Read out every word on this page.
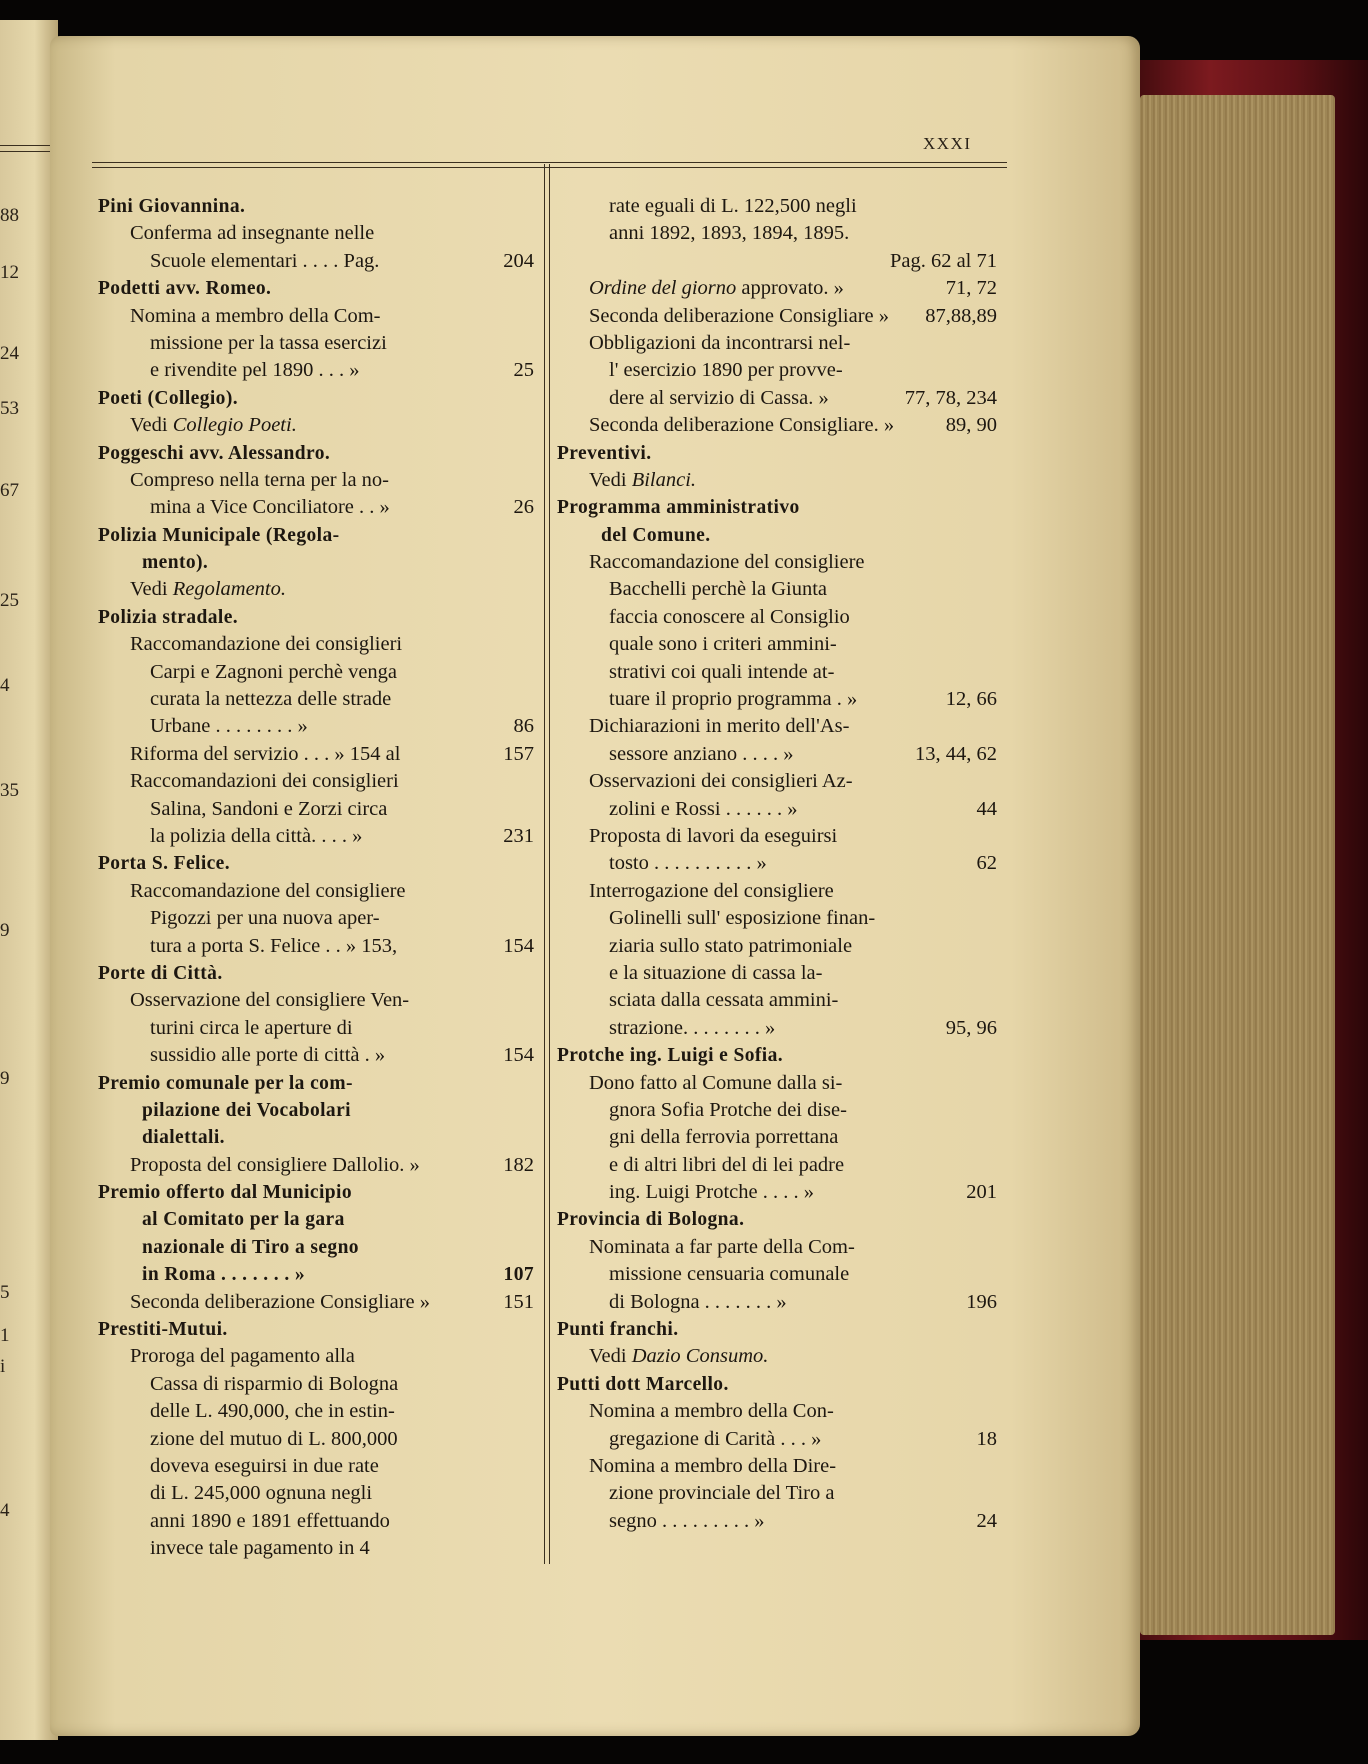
88
12
24
53
67
25
4
35
9
9
5
1
i
4
XXXI
Pini Giovannina.
Conferma ad insegnante nelle
Scuole elementari . . . . Pag.	204
Podetti avv. Romeo.
Nomina a membro della Com-
missione per la tassa esercizi
e rivendite pel 1890 . . . »	25
Poeti (Collegio).
Vedi Collegio Poeti.
Poggeschi avv. Alessandro.
Compreso nella terna per la no-
mina a Vice Conciliatore . . »	26
Polizia Municipale (Regola-
mento).
Vedi Regolamento.
Polizia stradale.
Raccomandazione dei consiglieri
Carpi e Zagnoni perchè venga
curata la nettezza delle strade
Urbane . . . . . . . . »	86
Riforma del servizio . . . » 154 al	157
Raccomandazioni dei consiglieri
Salina, Sandoni e Zorzi circa
la polizia della città. . . . »	231
Porta S. Felice.
Raccomandazione del consigliere
Pigozzi per una nuova aper-
tura a porta S. Felice . . » 153,	154
Porte di Città.
Osservazione del consigliere Ven-
turini circa le aperture di
sussidio alle porte di città . »	154
Premio comunale per la com-
pilazione dei Vocabolari
dialettali.
Proposta del consigliere Dallolio. »	182
Premio offerto dal Municipio
al Comitato per la gara
nazionale di Tiro a segno
in Roma . . . . . . . »	107
Seconda deliberazione Consigliare »	151
Prestiti-Mutui.
Proroga del pagamento alla
Cassa di risparmio di Bologna
delle L. 490,000, che in estin-
zione del mutuo di L. 800,000
doveva eseguirsi in due rate
di L. 245,000 ognuna negli
anni 1890 e 1891 effettuando
invece tale pagamento in 4
rate eguali di L. 122,500 negli
anni 1892, 1893, 1894, 1895.
Pag. 62 al 71
Ordine del giorno approvato. »	71, 72
Seconda deliberazione Consigliare »	87,88,89
Obbligazioni da incontrarsi nel-
l' esercizio 1890 per provve-
dere al servizio di Cassa. »	77, 78, 234
Seconda deliberazione Consigliare. »	89, 90
Preventivi.
Vedi Bilanci.
Programma amministrativo
del Comune.
Raccomandazione del consigliere
Bacchelli perchè la Giunta
faccia conoscere al Consiglio
quale sono i criteri ammini-
strativi coi quali intende at-
tuare il proprio programma . »	12, 66
Dichiarazioni in merito dell'As-
sessore anziano . . . . »	13, 44, 62
Osservazioni dei consiglieri Az-
zolini e Rossi . . . . . . »	44
Proposta di lavori da eseguirsi
tosto . . . . . . . . . . »	62
Interrogazione del consigliere
Golinelli sull' esposizione finan-
ziaria sullo stato patrimoniale
e la situazione di cassa la-
sciata dalla cessata ammini-
strazione. . . . . . . . »	95, 96
Protche ing. Luigi e Sofia.
Dono fatto al Comune dalla si-
gnora Sofia Protche dei dise-
gni della ferrovia porrettana
e di altri libri del di lei padre
ing. Luigi Protche . . . . »	201
Provincia di Bologna.
Nominata a far parte della Com-
missione censuaria comunale
di Bologna . . . . . . . »	196
Punti franchi.
Vedi Dazio Consumo.
Putti dott Marcello.
Nomina a membro della Con-
gregazione di Carità . . . »	18
Nomina a membro della Dire-
zione provinciale del Tiro a
segno . . . . . . . . . »	24
